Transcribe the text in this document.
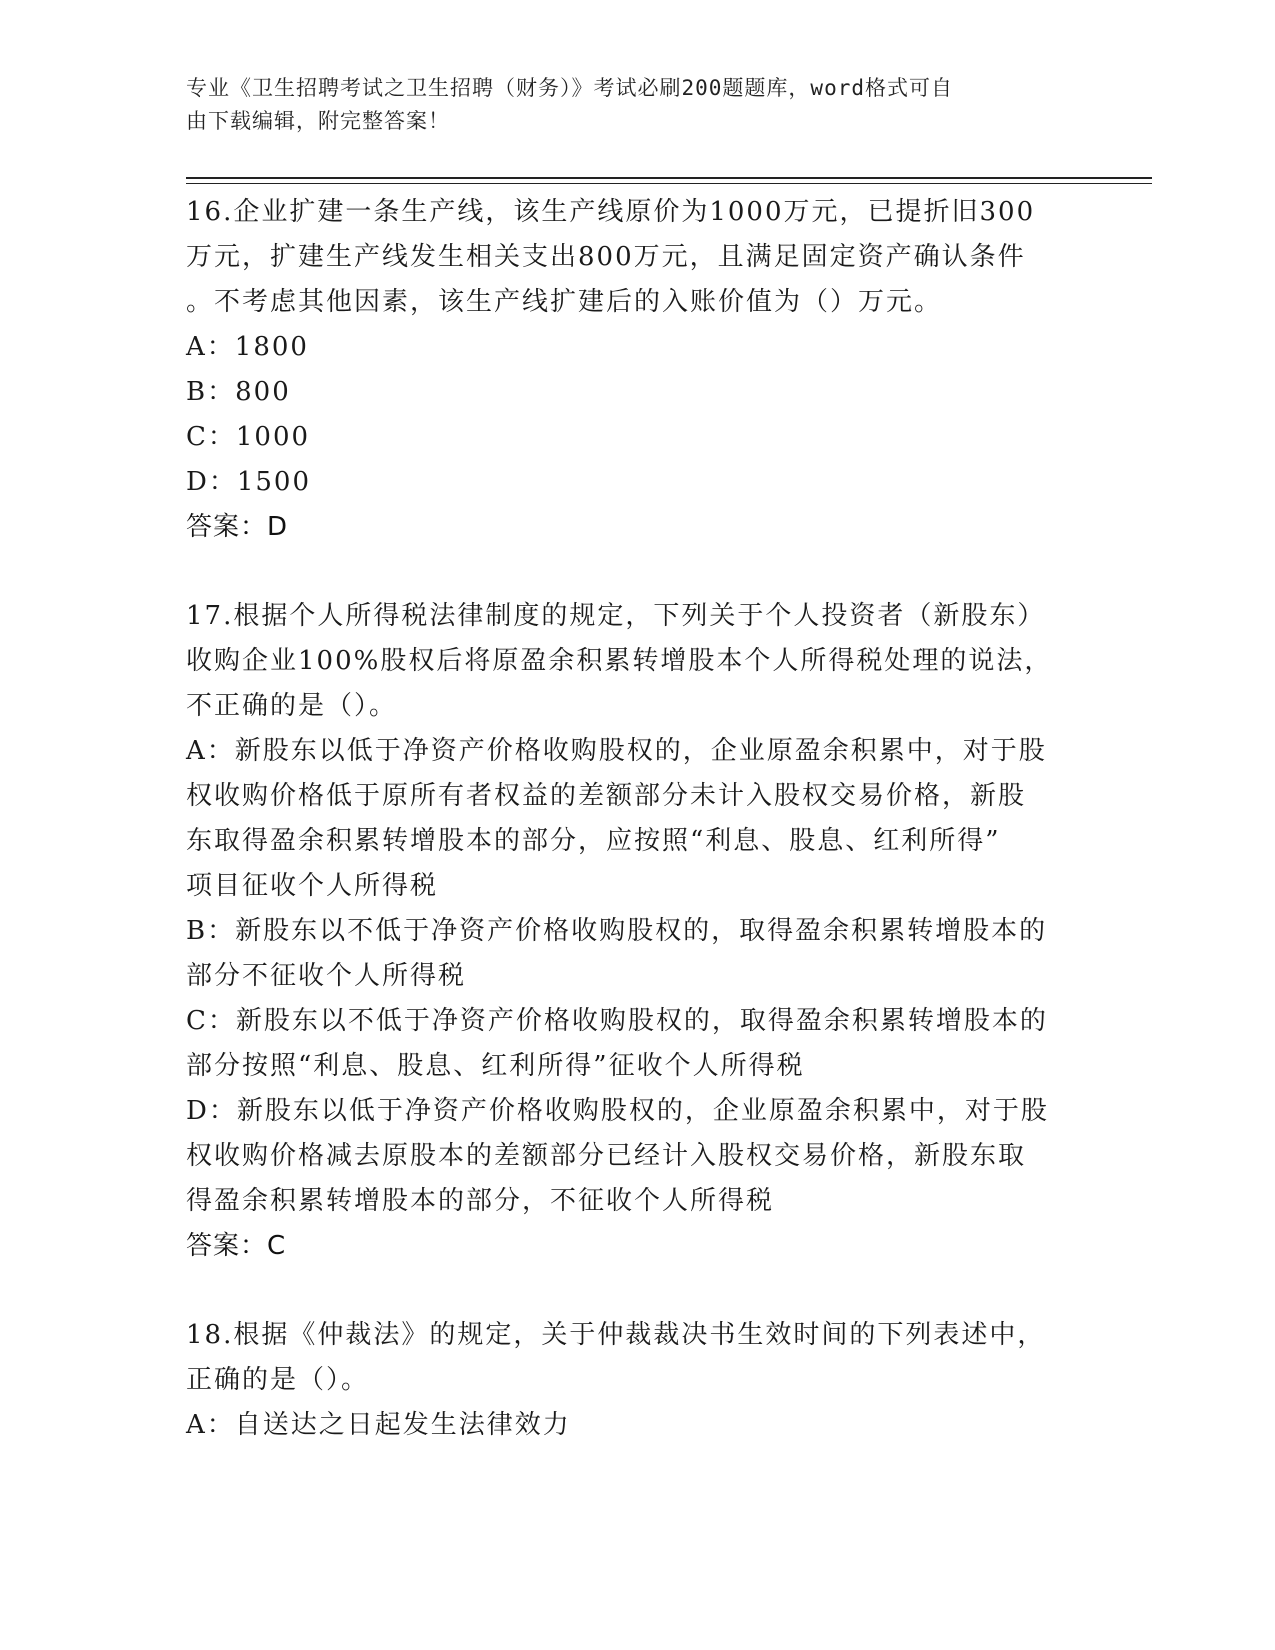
专业《卫生招聘考试之卫生招聘（财务）》考试必刷200题题库，word格式可自
由下载编辑，附完整答案！
16.企业扩建一条生产线，该生产线原价为1000万元，已提折旧300
万元，扩建生产线发生相关支出800万元，且满足固定资产确认条件
。不考虑其他因素，该生产线扩建后的入账价值为（）万元。
A：1800
B：800
C：1000
D：1500
答案：D
17.根据个人所得税法律制度的规定，下列关于个人投资者（新股东）
收购企业100%股权后将原盈余积累转增股本个人所得税处理的说法，
不正确的是（）。
A：新股东以低于净资产价格收购股权的，企业原盈余积累中，对于股
权收购价格低于原所有者权益的差额部分未计入股权交易价格，新股
东取得盈余积累转增股本的部分，应按照“利息、股息、红利所得”
项目征收个人所得税
B：新股东以不低于净资产价格收购股权的，取得盈余积累转增股本的
部分不征收个人所得税
C：新股东以不低于净资产价格收购股权的，取得盈余积累转增股本的
部分按照“利息、股息、红利所得”征收个人所得税
D：新股东以低于净资产价格收购股权的，企业原盈余积累中，对于股
权收购价格减去原股本的差额部分已经计入股权交易价格，新股东取
得盈余积累转增股本的部分，不征收个人所得税
答案：C
18.根据《仲裁法》的规定，关于仲裁裁决书生效时间的下列表述中，
正确的是（）。
A：自送达之日起发生法律效力
